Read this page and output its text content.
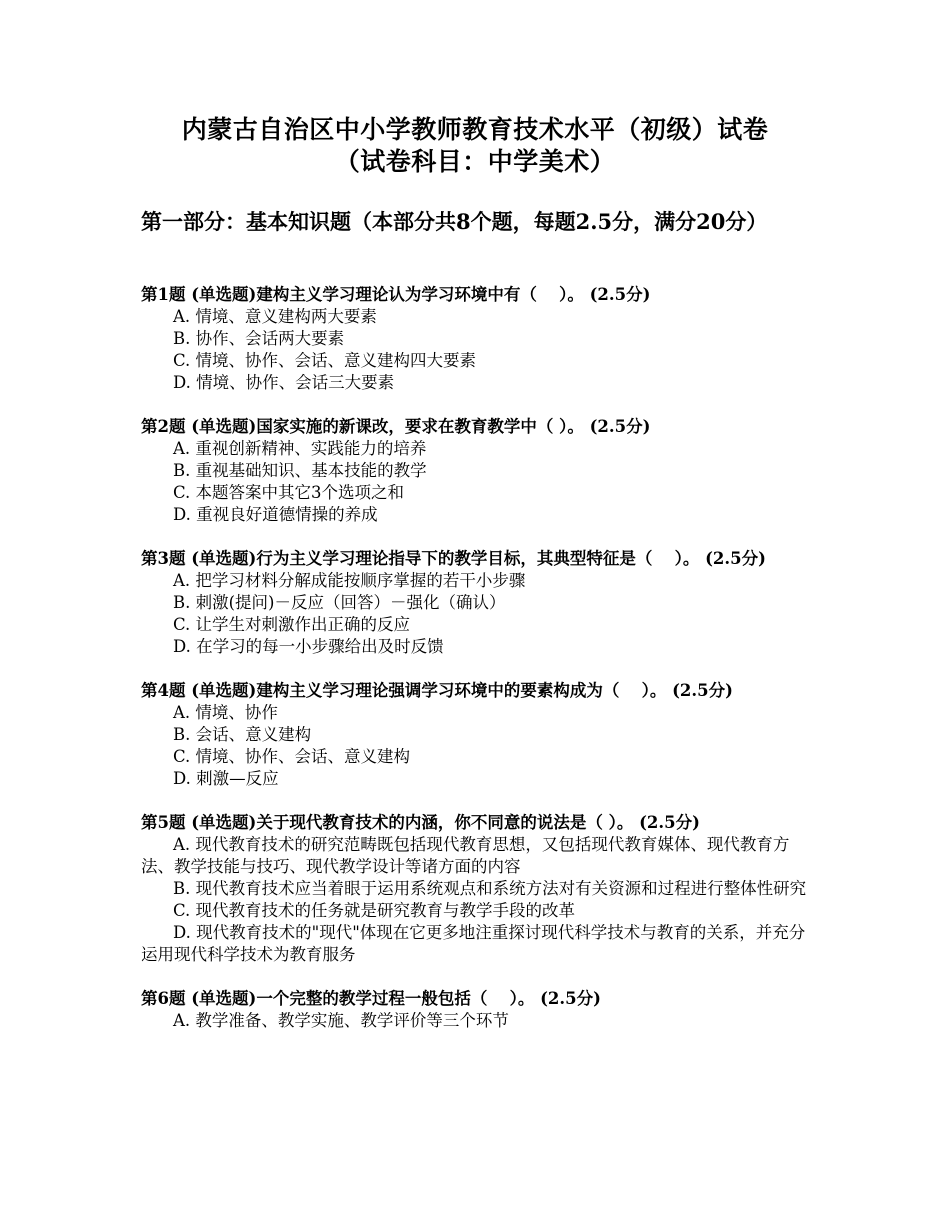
内蒙古自治区中小学教师教育技术水平（初级）试卷
（试卷科目：中学美术）
第一部分：基本知识题（本部分共8个题，每题2.5分，满分20分）
第1题 (单选题)建构主义学习理论认为学习环境中有（　 ）。 (2.5分)
A. 情境、意义建构两大要素
B. 协作、会话两大要素
C. 情境、协作、会话、意义建构四大要素
D. 情境、协作、会话三大要素
第2题 (单选题)国家实施的新课改，要求在教育教学中（ ）。 (2.5分)
A. 重视创新精神、实践能力的培养
B. 重视基础知识、基本技能的教学
C. 本题答案中其它3个选项之和
D. 重视良好道德情操的养成
第3题 (单选题)行为主义学习理论指导下的教学目标，其典型特征是（　 ）。 (2.5分)
A. 把学习材料分解成能按顺序掌握的若干小步骤
B. 刺激(提问)－反应（回答）－强化（确认）
C. 让学生对刺激作出正确的反应
D. 在学习的每一小步骤给出及时反馈
第4题 (单选题)建构主义学习理论强调学习环境中的要素构成为（　 ）。 (2.5分)
A. 情境、协作
B. 会话、意义建构
C. 情境、协作、会话、意义建构
D. 刺激—反应
第5题 (单选题)关于现代教育技术的内涵，你不同意的说法是（ ）。 (2.5分)
A. 现代教育技术的研究范畴既包括现代教育思想，又包括现代教育媒体、现代教育方法、教学技能与技巧、现代教学设计等诸方面的内容
B. 现代教育技术应当着眼于运用系统观点和系统方法对有关资源和过程进行整体性研究
C. 现代教育技术的任务就是研究教育与教学手段的改革
D. 现代教育技术的"现代"体现在它更多地注重探讨现代科学技术与教育的关系，并充分运用现代科学技术为教育服务
第6题 (单选题)一个完整的教学过程一般包括（　 ）。 (2.5分)
A. 教学准备、教学实施、教学评价等三个环节
